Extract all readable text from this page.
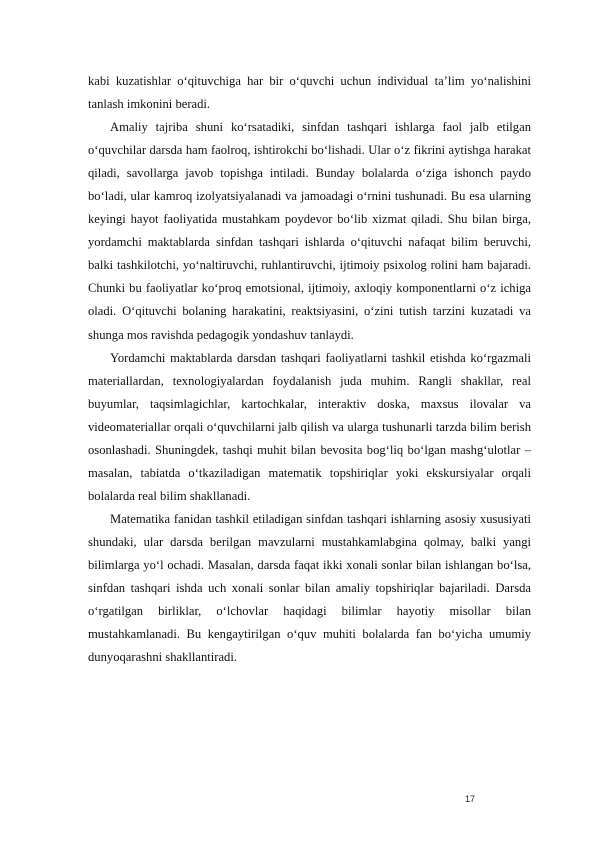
kabi kuzatishlar o‘qituvchiga har bir o‘quvchi uchun individual ta’lim yo‘nalishini tanlash imkonini beradi.

Amaliy tajriba shuni ko‘rsatadiki, sinfdan tashqari ishlarga faol jalb etilgan o‘quvchilar darsda ham faolroq, ishtirokchi bo‘lishadi. Ular o‘z fikrini aytishga harakat qiladi, savollarga javob topishga intiladi. Bunday bolalarda o‘ziga ishonch paydo bo‘ladi, ular kamroq izolyatsiyalanadi va jamoadagi o‘rnini tushunadi. Bu esa ularning keyingi hayot faoliyatida mustahkam poydevor bo‘lib xizmat qiladi. Shu bilan birga, yordamchi maktablarda sinfdan tashqari ishlarda o‘qituvchi nafaqat bilim beruvchi, balki tashkilotchi, yo‘naltiruvchi, ruhlantiruvchi, ijtimoiy psixolog rolini ham bajaradi. Chunki bu faoliyatlar ko‘proq emotsional, ijtimoiy, axloqiy komponentlarni o‘z ichiga oladi. O‘qituvchi bolaning harakatini, reaktsiyasini, o‘zini tutish tarzini kuzatadi va shunga mos ravishda pedagogik yondashuv tanlaydi.

Yordamchi maktablarda darsdan tashqari faoliyatlarni tashkil etishda ko‘rgazmali materiallardan, texnologiyalardan foydalanish juda muhim. Rangli shakllar, real buyumlar, taqsimlagichlar, kartochkalar, interaktiv doska, maxsus ilovalar va videomateriallar orqali o‘quvchilarni jalb qilish va ularga tushunarli tarzda bilim berish osonlashadi. Shuningdek, tashqi muhit bilan bevosita bog‘liq bo‘lgan mashg‘ulotlar – masalan, tabiatda o‘tkaziladigan matematik topshiriqlar yoki ekskursiyalar orqali bolalarda real bilim shakllanadi.

Matematika fanidan tashkil etiladigan sinfdan tashqari ishlarning asosiy xususiyati shundaki, ular darsda berilgan mavzularni mustahkamlabgina qolmay, balki yangi bilimlarga yo‘l ochadi. Masalan, darsda faqat ikki xonali sonlar bilan ishlangan bo‘lsa, sinfdan tashqari ishda uch xonali sonlar bilan amaliy topshiriqlar bajariladi. Darsda o‘rgatilgan birliklar, o‘lchovlar haqidagi bilimlar hayotiy misollar bilan mustahkamlanadi. Bu kengaytirilgan o‘quv muhiti bolalarda fan bo‘yicha umumiy dunyoqarashni shakllantiradi.

17
